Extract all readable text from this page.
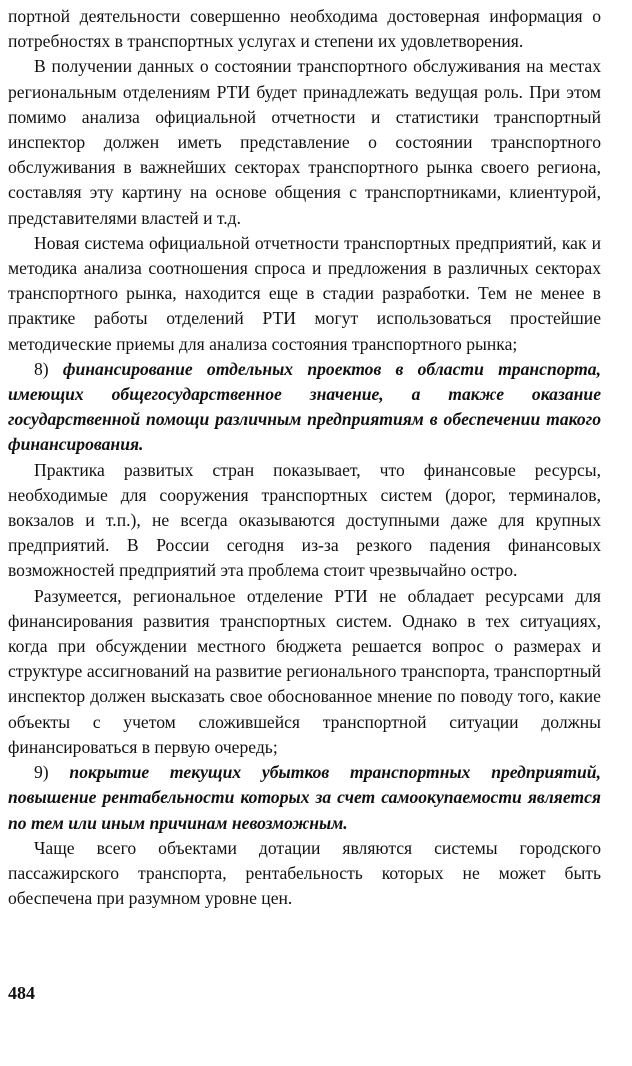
портной деятельности совершенно необходима достоверная информация о потребностях в транспортных услугах и степени их удовлетворения.

В получении данных о состоянии транспортного обслуживания на местах региональным отделениям РТИ будет принадлежать ведущая роль. При этом помимо анализа официальной отчетности и статистики транспортный инспектор должен иметь представление о состоянии транспортного обслуживания в важнейших секторах транспортного рынка своего региона, составляя эту картину на основе общения с транспортниками, клиентурой, представителями властей и т.д.

Новая система официальной отчетности транспортных предприятий, как и методика анализа соотношения спроса и предложения в различных секторах транспортного рынка, находится еще в стадии разработки. Тем не менее в практике работы отделений РТИ могут использоваться простейшие методические приемы для анализа состояния транспортного рынка;

8) финансирование отдельных проектов в области транспорта, имеющих общегосударственное значение, а также оказание государственной помощи различным предприятиям в обеспечении такого финансирования.

Практика развитых стран показывает, что финансовые ресурсы, необходимые для сооружения транспортных систем (дорог, терминалов, вокзалов и т.п.), не всегда оказываются доступными даже для крупных предприятий. В России сегодня из-за резкого падения финансовых возможностей предприятий эта проблема стоит чрезвычайно остро.

Разумеется, региональное отделение РТИ не обладает ресурсами для финансирования развития транспортных систем. Однако в тех ситуациях, когда при обсуждении местного бюджета решается вопрос о размерах и структуре ассигнований на развитие регионального транспорта, транспортный инспектор должен высказать свое обоснованное мнение по поводу того, какие объекты с учетом сложившейся транспортной ситуации должны финансироваться в первую очередь;

9) покрытие текущих убытков транспортных предприятий, повышение рентабельности которых за счет самоокупаемости является по тем или иным причинам невозможным.

Чаще всего объектами дотации являются системы городского пассажирского транспорта, рентабельность которых не может быть обеспечена при разумном уровне цен.

484
